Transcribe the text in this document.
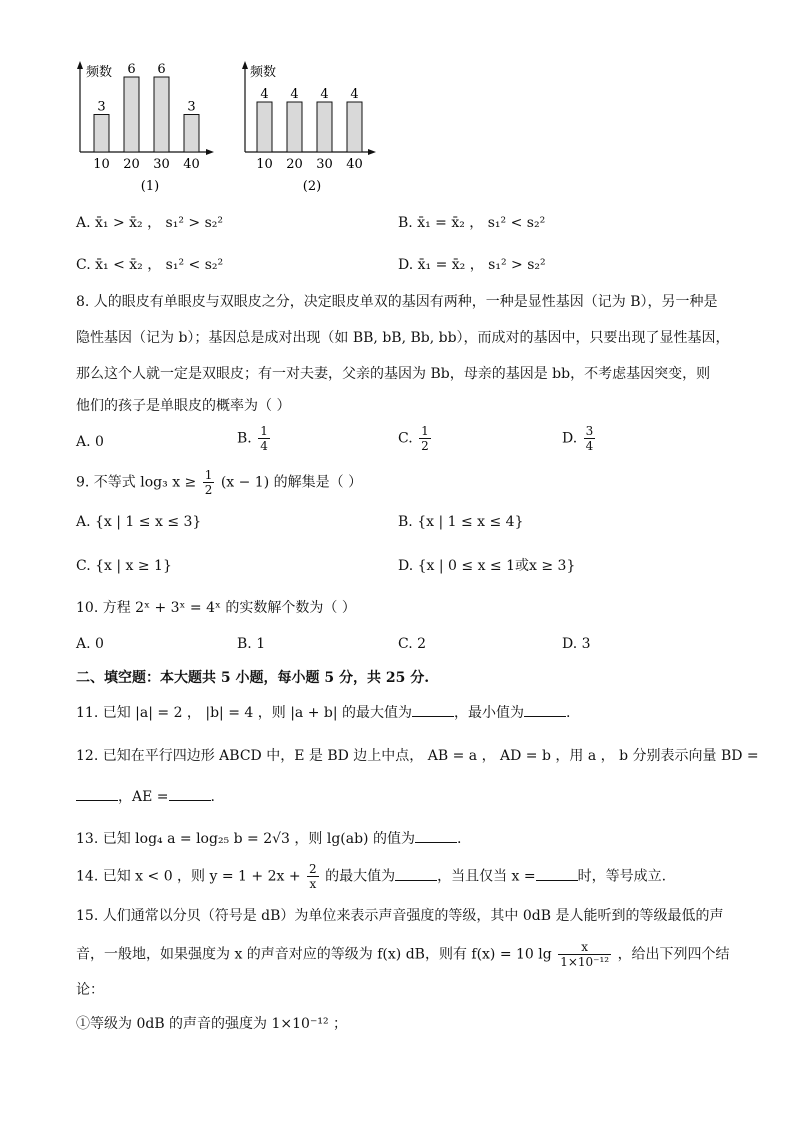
频数
3
10
6
20
6
30
3
40
(1)
频数
4
10
4
20
4
30
4
40
(2)
A. x̄₁ > x̄₂ ， s₁² > s₂²	B. x̄₁ = x̄₂ ， s₁² < s₂²
C. x̄₁ < x̄₂ ， s₁² < s₂²	D. x̄₁ = x̄₂ ， s₁² > s₂²
8. 人的眼皮有单眼皮与双眼皮之分，决定眼皮单双的基因有两种，一种是显性基因（记为 B），另一种是
隐性基因（记为 b）；基因总是成对出现（如 BB, bB, Bb, bb），而成对的基因中，只要出现了显性基因，
那么这个人就一定是双眼皮；有一对夫妻，父亲的基因为 Bb，母亲的基因是 bb，不考虑基因突变，则
他们的孩子是单眼皮的概率为（ ）
A. 0	B. $\frac{1}{4}$	C. $\frac{1}{2}$	D. $\frac{3}{4}$
9. 不等式 log₃ $x \ge \frac{1}{2} (x - 1)$ 的解集是（ ）
A. {x | 1 ≤ x ≤ 3}	B. {x | 1 ≤ x ≤ 4}
C. {x | x ≥ 1}	D. {x | 0 ≤ x ≤ 1或x ≥ 3}
10. 方程 2ˣ + 3ˣ = 4ˣ 的实数解个数为（ ）
A. 0	B. 1	C. 2	D. 3
二、填空题：本大题共 5 小题，每小题 5 分，共 25 分.
11. 已知 |a| = 2 ， |b| = 4 ，则 |a + b| 的最大值为	，最小值为	.
12. 已知在平行四边形 ABCD 中，E 是 BD 边上中点， AB = a ， AD = b ，用 a ， b 分别表示向量 BD =
，AE =	.
13. 已知 log₄ a = log₂₅ b = 2√3 ，则 lg(ab) 的值为	.
14. 已知 x < 0 ，则 $y = 1 + 2x + \frac{2}{x}$ 的最大值为	，当且仅当 x =	时，等号成立.
15. 人们通常以分贝（符号是 dB）为单位来表示声音强度的等级，其中 0dB 是人能听到的等级最低的声
音，一般地，如果强度为 x 的声音对应的等级为 f(x) dB，则有 f(x) = 10 $\lg \frac{x}{\text{1×10⁻¹²}}$ ，给出下列四个结
论：
①等级为 0dB 的声音的强度为 1×10⁻¹² ；
